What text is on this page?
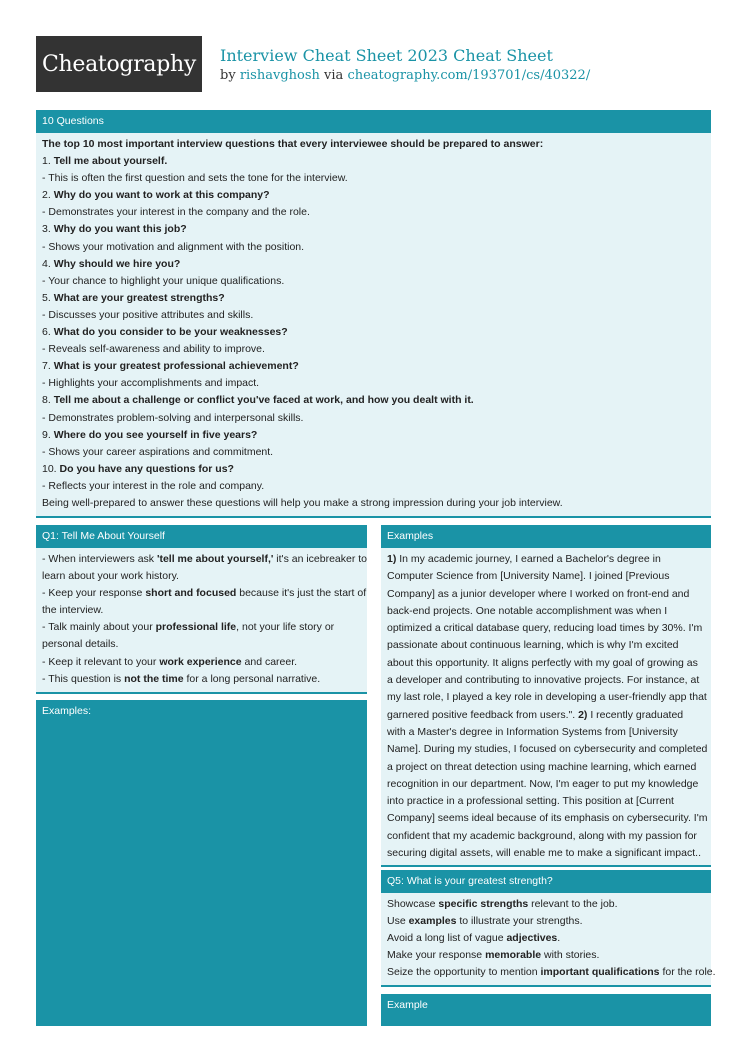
Cheatography	Interview Cheat Sheet 2023 Cheat Sheet
by rishavghosh via cheatography.com/193701/cs/40322/
10 Questions
The top 10 most important interview questions that every interviewee should be prepared to answer:
1. Tell me about yourself.
- This is often the first question and sets the tone for the interview.
2. Why do you want to work at this company?
- Demonstrates your interest in the company and the role.
3. Why do you want this job?
- Shows your motivation and alignment with the position.
4. Why should we hire you?
- Your chance to highlight your unique qualifications.
5. What are your greatest strengths?
- Discusses your positive attributes and skills.
6. What do you consider to be your weaknesses?
- Reveals self-awareness and ability to improve.
7. What is your greatest professional achievement?
- Highlights your accomplishments and impact.
8. Tell me about a challenge or conflict you've faced at work, and how you dealt with it.
- Demonstrates problem-solving and interpersonal skills.
9. Where do you see yourself in five years?
- Shows your career aspirations and commitment.
10. Do you have any questions for us?
- Reflects your interest in the role and company.
Being well-prepared to answer these questions will help you make a strong impression during your job interview.
Q1: Tell Me About Yourself
- When interviewers ask 'tell me about yourself,' it's an icebreaker to
learn about your work history.
- Keep your response short and focused because it's just the start of
the interview.
- Talk mainly about your professional life, not your life story or
personal details.
- Keep it relevant to your work experience and career.
- This question is not the time for a long personal narrative.
Examples
1) In my academic journey, I earned a Bachelor's degree in
Computer Science from [University Name]. I joined [Previous
Company] as a junior developer where I worked on front-end and
back-end projects. One notable accomplishment was when I
optimized a critical database query, reducing load times by 30%. I'm
passionate about continuous learning, which is why I'm excited
about this opportunity. It aligns perfectly with my goal of growing as
a developer and contributing to innovative projects. For instance, at
my last role, I played a key role in developing a user-friendly app that
garnered positive feedback from users.". 2) I recently graduated
with a Master's degree in Information Systems from [University
Name]. During my studies, I focused on cybersecurity and completed
a project on threat detection using machine learning, which earned
recognition in our department. Now, I'm eager to put my knowledge
into practice in a professional setting. This position at [Current
Company] seems ideal because of its emphasis on cybersecurity. I'm
confident that my academic background, along with my passion for
securing digital assets, will enable me to make a significant impact..
Examples:
Q5: What is your greatest strength?
Showcase specific strengths relevant to the job.
Use examples to illustrate your strengths.
Avoid a long list of vague adjectives.
Make your response memorable with stories.
Seize the opportunity to mention important qualifications for the role.
Example
